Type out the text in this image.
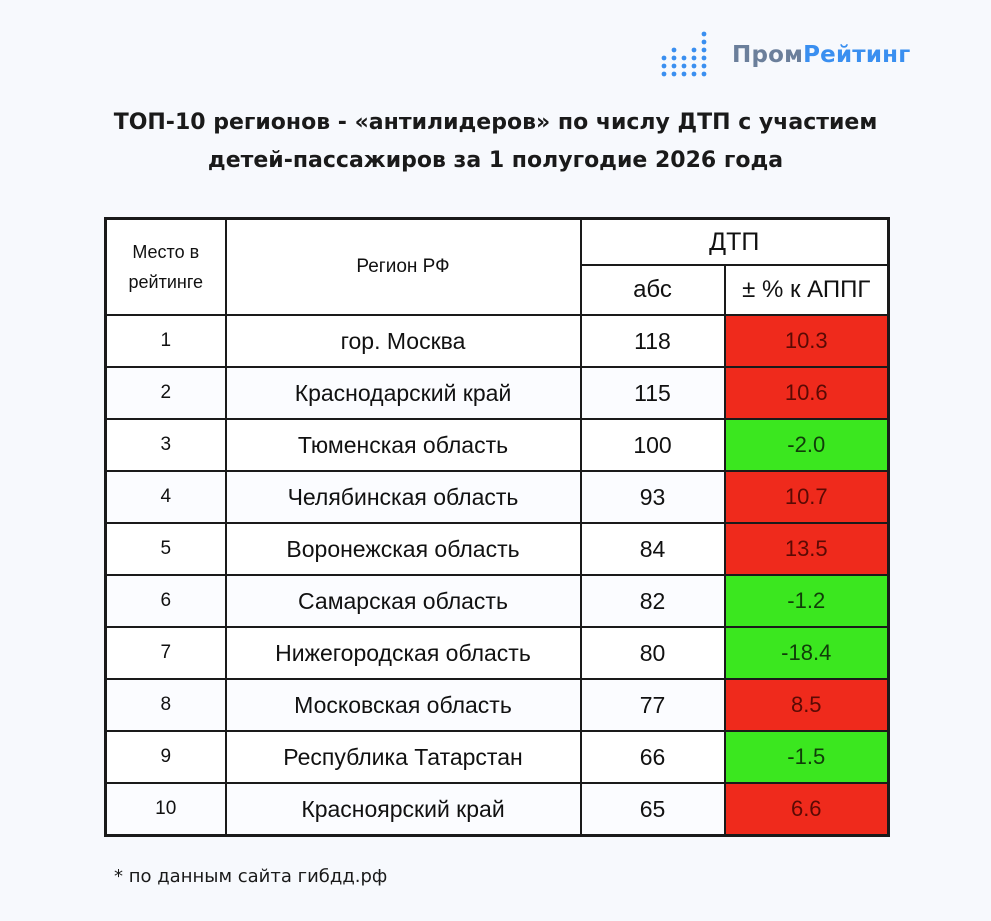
ПромРейтинг
ТОП-10 регионов - «антилидеров» по числу ДТП с участием
детей-пассажиров за 1 полугодие 2026 года
Место в рейтинге	Регион РФ	ДТП	
		абс	± % к АППГ
1	гор. Москва	118	10.3
2	Краснодарский край	115	10.6
3	Тюменская область	100	-2.0
4	Челябинская область	93	10.7
5	Воронежская область	84	13.5
6	Самарская область	82	-1.2
7	Нижегородская область	80	-18.4
8	Московская область	77	8.5
9	Республика Татарстан	66	-1.5
10	Красноярский край	65	6.6
* по данным сайта гибдд.рф
